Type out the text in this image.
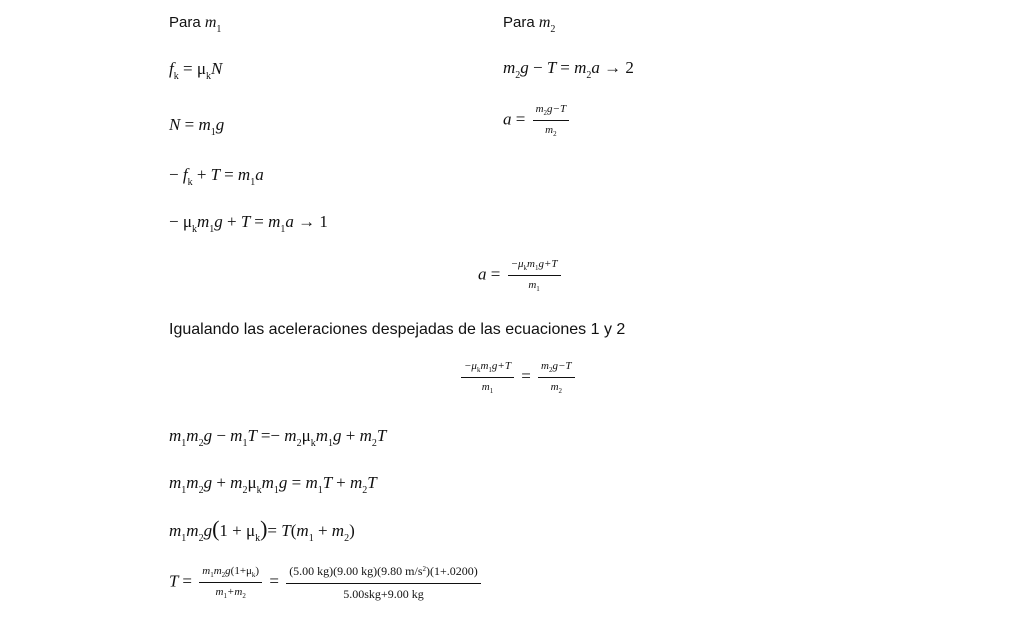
Para $m_1$	Para $m_2$
$f_k = \mu_kN$
$N = m_1g$
− $f_k + T = m_1a$
− $\mu_km_1g + T = m_1a \to 1$
$m_2g - T = m_2a \to 2$
$a = \frac{m_2g-T}{m_2}$
$a = \frac{-\mu_km_1g+T}{m_1}$
Igualando las aceleraciones despejadas de las ecuaciones 1 y 2
$\frac{-\mu_km_1g+T}{m_1} = \frac{m_2g-T}{m_2}$
$m_1m_2g - m_1T =- m_2\mu_km_1g + m_2T$
$m_1m_2g + m_2\mu_km_1g = m_1T + m_2T$
$m_1m_2g(1 + \mu_k)= T(m_1 + m_2)$
$T = \frac{m_1m_2g(1+\mu_k)}{m_1+m_2} = \frac{(5.00 kg)(9.00 kg)(9.80 m/s^2)(1+.0200)}{\text{5.00skg+9.00 kg}}$
